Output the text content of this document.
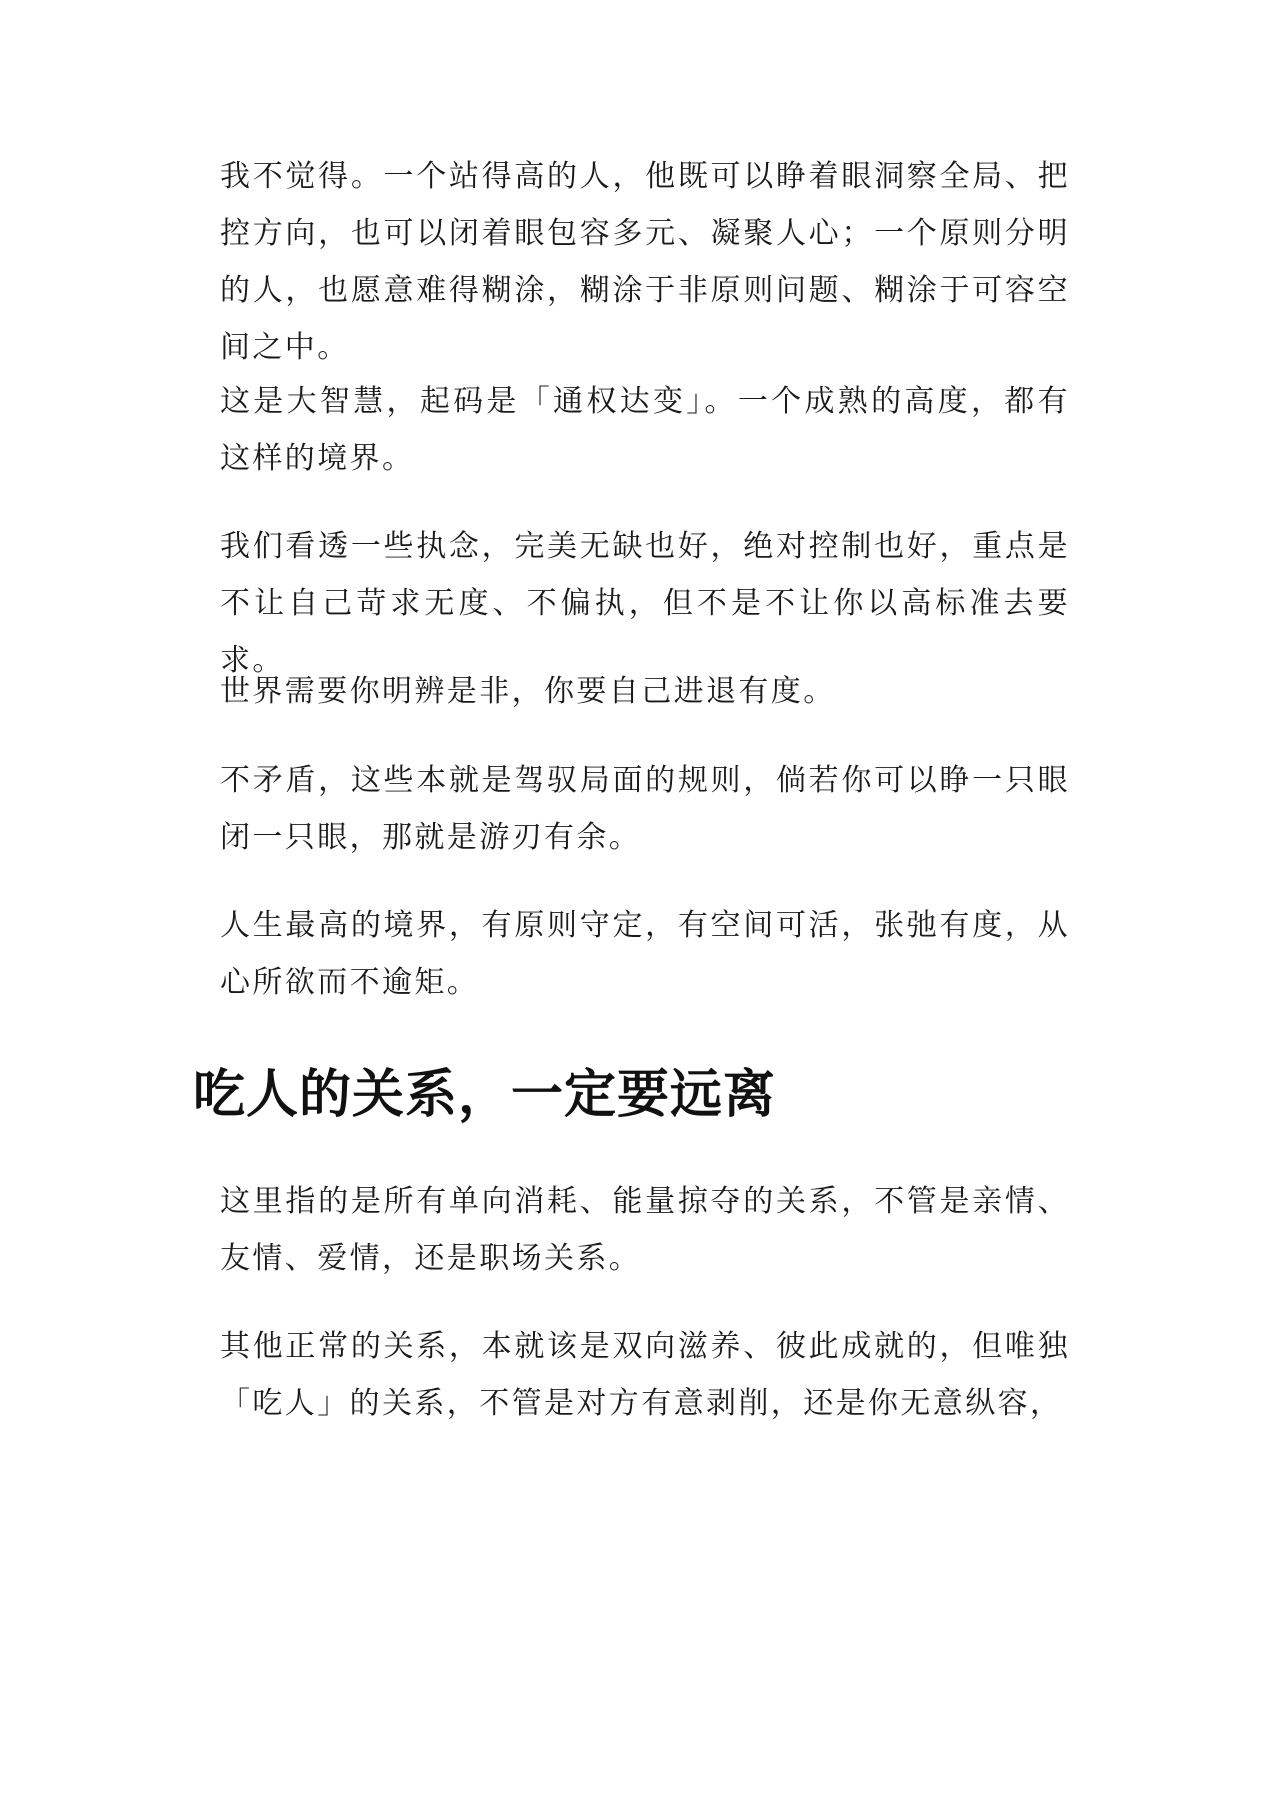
我不觉得。一个站得高的人，他既可以睁着眼洞察全局、把控方向，也可以闭着眼包容多元、凝聚人心；一个原则分明的人，也愿意难得糊涂，糊涂于非原则问题、糊涂于可容空间之中。

这是大智慧，起码是「通权达变」。一个成熟的高度，都有这样的境界。

我们看透一些执念，完美无缺也好，绝对控制也好，重点是不让自己苛求无度、不偏执，但不是不让你以高标准去要求。

世界需要你明辨是非，你要自己进退有度。

不矛盾，这些本就是驾驭局面的规则，倘若你可以睁一只眼闭一只眼，那就是游刃有余。

人生最高的境界，有原则守定，有空间可活，张弛有度，从心所欲而不逾矩。

吃人的关系，一定要远离

这里指的是所有单向消耗、能量掠夺的关系，不管是亲情、友情、爱情，还是职场关系。

其他正常的关系，本就该是双向滋养、彼此成就的，但唯独「吃人」的关系，不管是对方有意剥削，还是你无意纵容，
